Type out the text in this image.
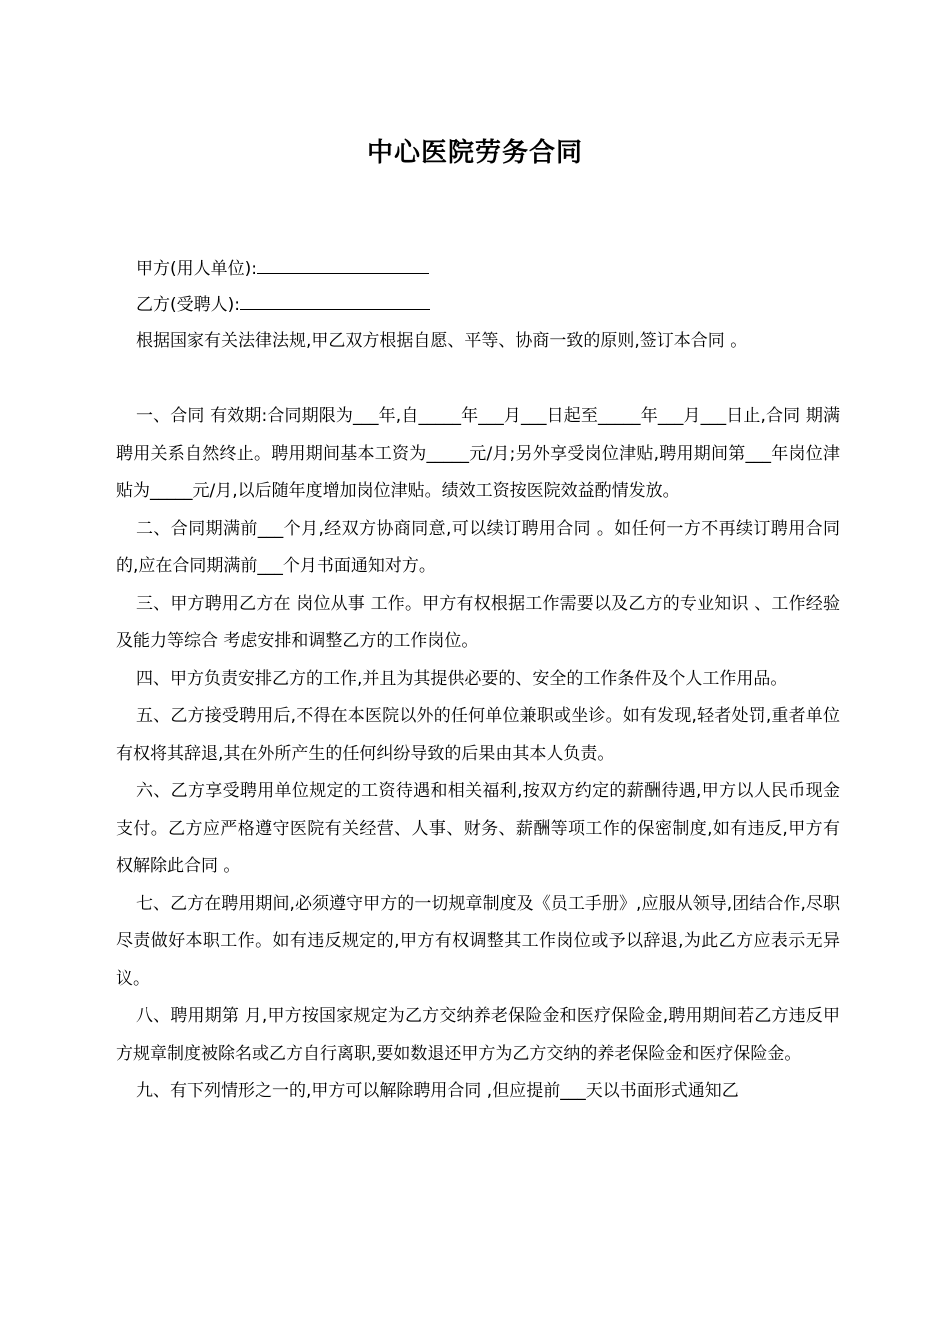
中心医院劳务合同
甲方(用人单位):
乙方(受聘人):
根据国家有关法律法规,甲乙双方根据自愿、平等、协商一致的原则,签订本合同 。

一、合同 有效期:合同期限为___年,自_____年___月___日起至_____年___月___日止,合同 期满聘用关系自然终止。聘用期间基本工资为_____元/月;另外享受岗位津贴,聘用期间第___年岗位津贴为_____元/月,以后随年度增加岗位津贴。绩效工资按医院效益酌情发放。

二、合同期满前___个月,经双方协商同意,可以续订聘用合同 。如任何一方不再续订聘用合同的,应在合同期满前___个月书面通知对方。

三、甲方聘用乙方在 岗位从事 工作。甲方有权根据工作需要以及乙方的专业知识 、工作经验及能力等综合 考虑安排和调整乙方的工作岗位。

四、甲方负责安排乙方的工作,并且为其提供必要的、安全的工作条件及个人工作用品。

五、乙方接受聘用后,不得在本医院以外的任何单位兼职或坐诊。如有发现,轻者处罚,重者单位有权将其辞退,其在外所产生的任何纠纷导致的后果由其本人负责。

六、乙方享受聘用单位规定的工资待遇和相关福利,按双方约定的薪酬待遇,甲方以人民币现金支付。乙方应严格遵守医院有关经营、人事、财务、薪酬等项工作的保密制度,如有违反,甲方有权解除此合同 。

七、乙方在聘用期间,必须遵守甲方的一切规章制度及《员工手册》,应服从领导,团结合作,尽职尽责做好本职工作。如有违反规定的,甲方有权调整其工作岗位或予以辞退,为此乙方应表示无异议。

八、聘用期第 月,甲方按国家规定为乙方交纳养老保险金和医疗保险金,聘用期间若乙方违反甲方规章制度被除名或乙方自行离职,要如数退还甲方为乙方交纳的养老保险金和医疗保险金。

九、有下列情形之一的,甲方可以解除聘用合同 ,但应提前___天以书面形式通知乙
